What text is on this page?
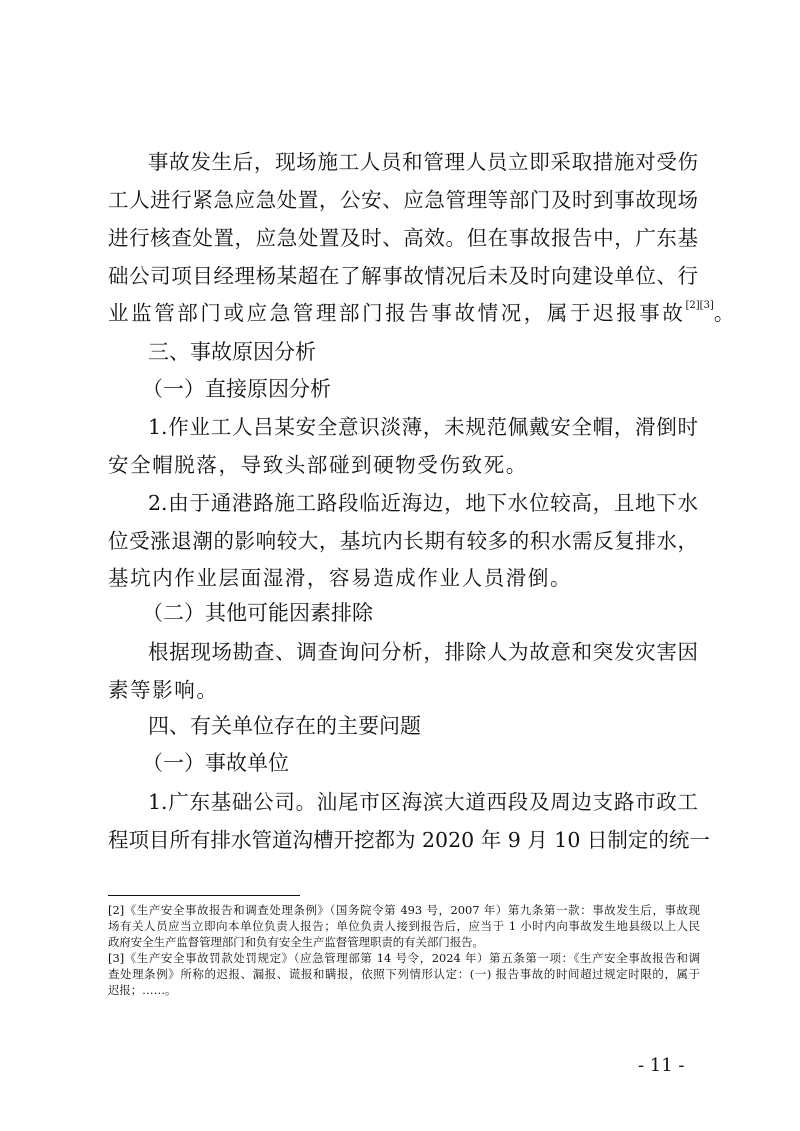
事故发生后，现场施工人员和管理人员立即采取措施对受伤
工人进行紧急应急处置，公安、应急管理等部门及时到事故现场
进行核查处置，应急处置及时、高效。但在事故报告中，广东基
础公司项目经理杨某超在了解事故情况后未及时向建设单位、行
业监管部门或应急管理部门报告事故情况，属于迟报事故[2][3]。
三、事故原因分析
（一）直接原因分析
1.作业工人吕某安全意识淡薄，未规范佩戴安全帽，滑倒时
安全帽脱落，导致头部碰到硬物受伤致死。
2.由于通港路施工路段临近海边，地下水位较高，且地下水
位受涨退潮的影响较大，基坑内长期有较多的积水需反复排水，
基坑内作业层面湿滑，容易造成作业人员滑倒。
（二）其他可能因素排除
根据现场勘查、调查询问分析，排除人为故意和突发灾害因
素等影响。
四、有关单位存在的主要问题
（一）事故单位
1.广东基础公司。汕尾市区海滨大道西段及周边支路市政工
程项目所有排水管道沟槽开挖都为 2020 年 9 月 10 日制定的统一
[2]《生产安全事故报告和调查处理条例》（国务院令第 493 号，2007 年）第九条第一款：事故发生后，事故现
场有关人员应当立即向本单位负责人报告；单位负责人接到报告后，应当于 1 小时内向事故发生地县级以上人民
政府安全生产监督管理部门和负有安全生产监督管理职责的有关部门报告。
[3]《生产安全事故罚款处罚规定》（应急管理部第 14 号令，2024 年）第五条第一项：《生产安全事故报告和调
查处理条例》所称的迟报、漏报、谎报和瞒报，依照下列情形认定：(一) 报告事故的时间超过规定时限的，属于
迟报；……。
- 11 -
